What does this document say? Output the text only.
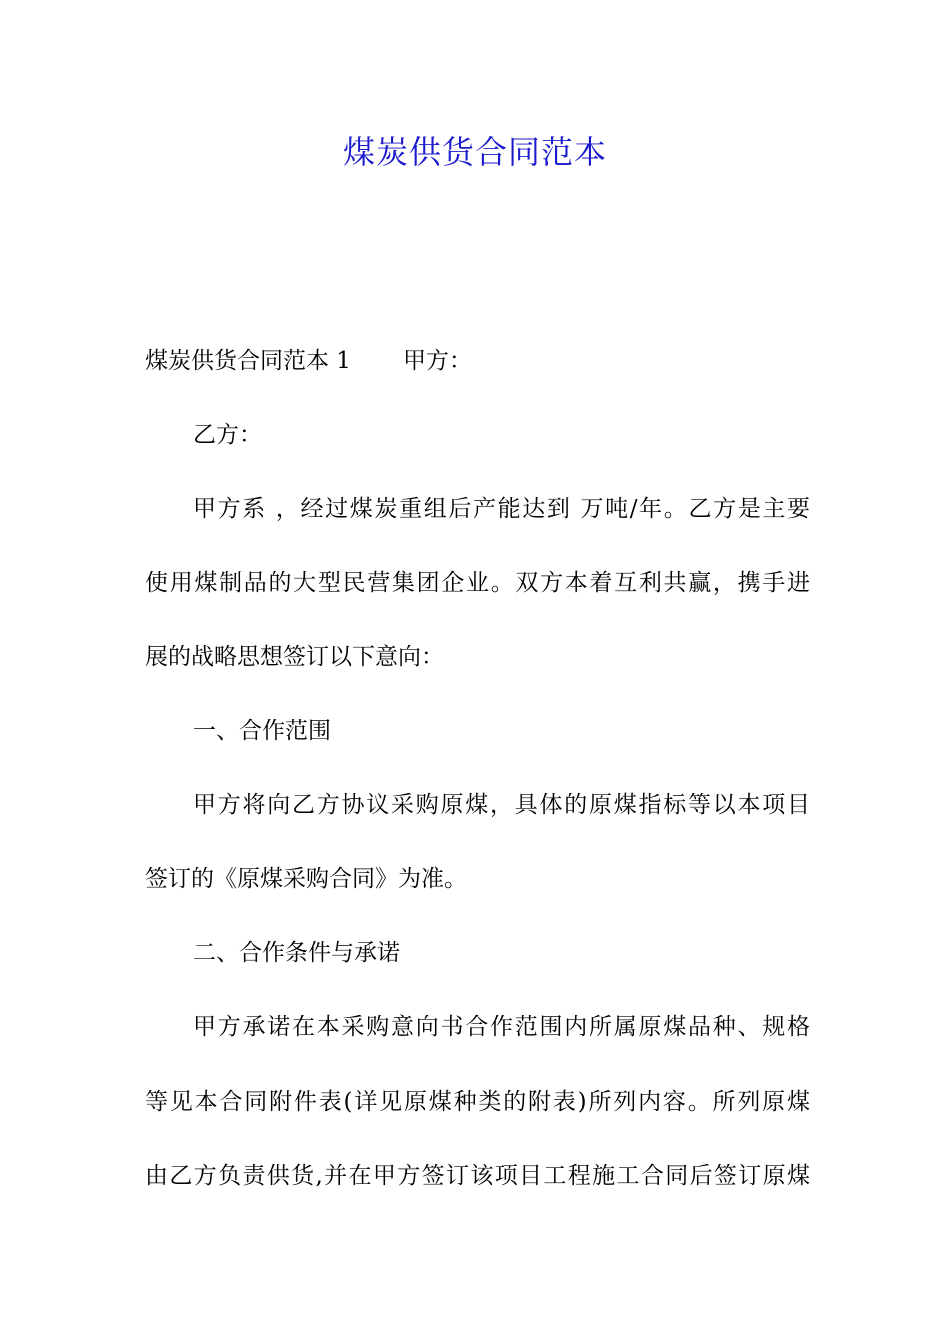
煤炭供货合同范本
煤炭供货合同范本 1 甲方：
乙方：
甲方系 ，经过煤炭重组后产能达到 万吨/年。乙方是主要
使用煤制品的大型民营集团企业。双方本着互利共赢，携手进
展的战略思想签订以下意向：
一、合作范围
甲方将向乙方协议采购原煤，具体的原煤指标等以本项目
签订的《原煤采购合同》为准。
二、合作条件与承诺
甲方承诺在本采购意向书合作范围内所属原煤品种、规格
等见本合同附件表(详见原煤种类的附表)所列内容。所列原煤
由乙方负责供货,并在甲方签订该项目工程施工合同后签订原煤
